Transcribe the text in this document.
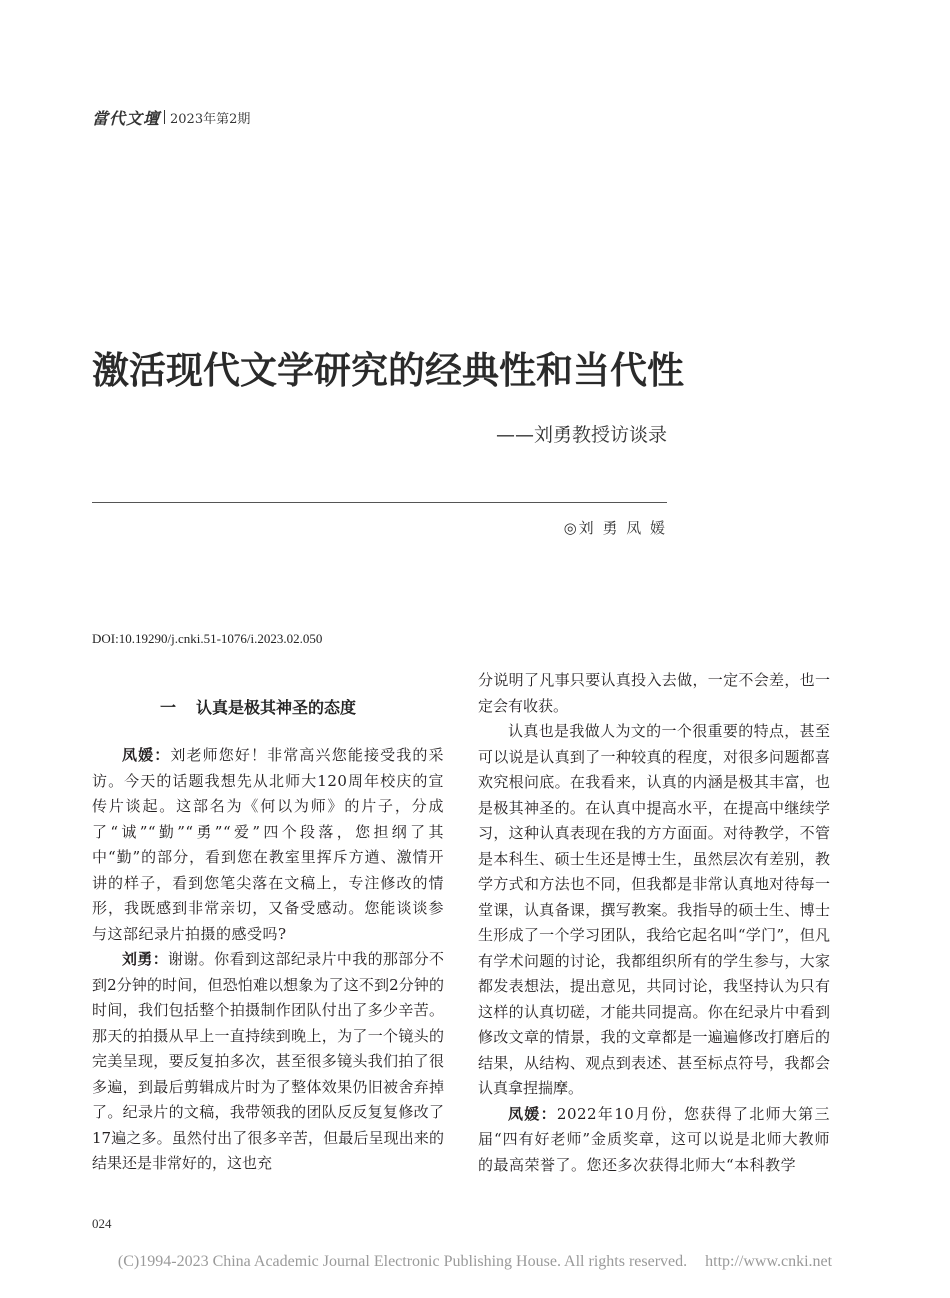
當代文壇 2023年第2期
激活现代文学研究的经典性和当代性
——刘勇教授访谈录
◎刘 勇 凤 媛
DOI:10.19290/j.cnki.51-1076/i.2023.02.050
一 认真是极其神圣的态度

凤媛：刘老师您好！非常高兴您能接受我的采访。今天的话题我想先从北师大120周年校庆的宣传片谈起。这部名为《何以为师》的片子，分成了“诚”“勤”“勇”“爱”四个段落，您担纲了其中“勤”的部分，看到您在教室里挥斥方遒、激情开讲的样子，看到您笔尖落在文稿上，专注修改的情形，我既感到非常亲切，又备受感动。您能谈谈参与这部纪录片拍摄的感受吗?

刘勇：谢谢。你看到这部纪录片中我的那部分不到2分钟的时间，但恐怕难以想象为了这不到2分钟的时间，我们包括整个拍摄制作团队付出了多少辛苦。那天的拍摄从早上一直持续到晚上，为了一个镜头的完美呈现，要反复拍多次，甚至很多镜头我们拍了很多遍，到最后剪辑成片时为了整体效果仍旧被舍弃掉了。纪录片的文稿，我带领我的团队反反复复修改了17遍之多。虽然付出了很多辛苦，但最后呈现出来的结果还是非常好的，这也充

分说明了凡事只要认真投入去做，一定不会差，也一定会有收获。

认真也是我做人为文的一个很重要的特点，甚至可以说是认真到了一种较真的程度，对很多问题都喜欢究根问底。在我看来，认真的内涵是极其丰富，也是极其神圣的。在认真中提高水平，在提高中继续学习，这种认真表现在我的方方面面。对待教学，不管是本科生、硕士生还是博士生，虽然层次有差别，教学方式和方法也不同，但我都是非常认真地对待每一堂课，认真备课，撰写教案。我指导的硕士生、博士生形成了一个学习团队，我给它起名叫“学门”，但凡有学术问题的讨论，我都组织所有的学生参与，大家都发表想法，提出意见，共同讨论，我坚持认为只有这样的认真切磋，才能共同提高。你在纪录片中看到修改文章的情景，我的文章都是一遍遍修改打磨后的结果，从结构、观点到表述、甚至标点符号，我都会认真拿捏揣摩。

凤媛：2022年10月份，您获得了北师大第三届“四有好老师”金质奖章，这可以说是北师大教师的最高荣誉了。您还多次获得北师大“本科教学

024
(C)1994-2023 China Academic Journal Electronic Publishing House. All rights reserved. http://www.cnki.net
